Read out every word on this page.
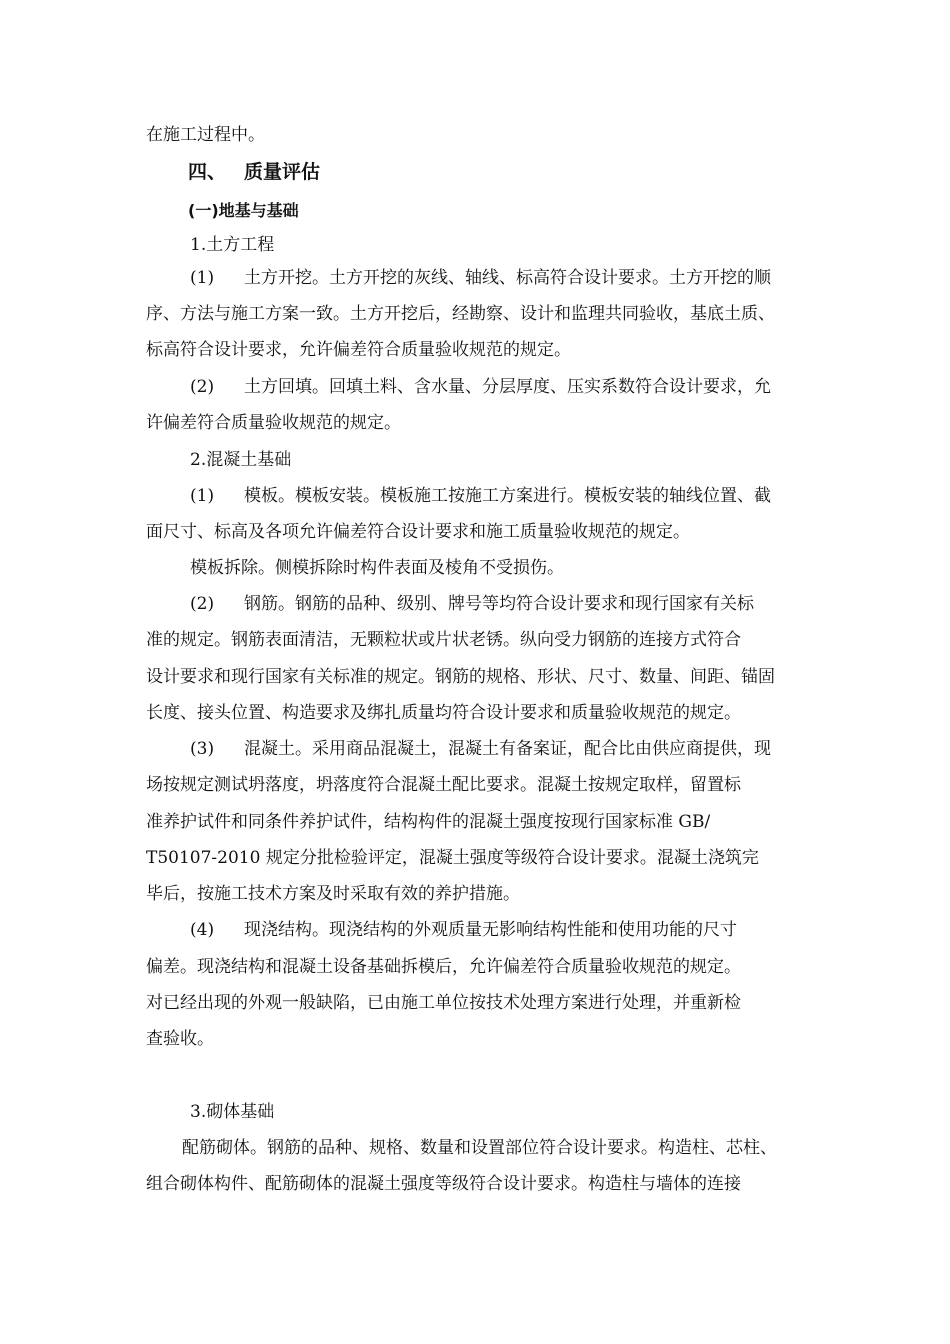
在施工过程中。
四、 质量评估
(一)地基与基础
1.土方工程
(1) 土方开挖。土方开挖的灰线、轴线、标高符合设计要求。土方开挖的顺
序、方法与施工方案一致。土方开挖后，经勘察、设计和监理共同验收，基底土质、
标高符合设计要求，允许偏差符合质量验收规范的规定。
(2) 土方回填。回填土料、含水量、分层厚度、压实系数符合设计要求，允
许偏差符合质量验收规范的规定。
2.混凝土基础
(1) 模板。模板安装。模板施工按施工方案进行。模板安装的轴线位置、截
面尺寸、标高及各项允许偏差符合设计要求和施工质量验收规范的规定。
模板拆除。侧模拆除时构件表面及棱角不受损伤。
(2) 钢筋。钢筋的品种、级别、牌号等均符合设计要求和现行国家有关标
准的规定。钢筋表面清洁，无颗粒状或片状老锈。纵向受力钢筋的连接方式符合
设计要求和现行国家有关标准的规定。钢筋的规格、形状、尺寸、数量、间距、锚固
长度、接头位置、构造要求及绑扎质量均符合设计要求和质量验收规范的规定。
(3) 混凝土。采用商品混凝土，混凝土有备案证，配合比由供应商提供，现
场按规定测试坍落度，坍落度符合混凝土配比要求。混凝土按规定取样，留置标
准养护试件和同条件养护试件，结构构件的混凝土强度按现行国家标准 GB/
T50107-2010 规定分批检验评定，混凝土强度等级符合设计要求。混凝土浇筑完
毕后，按施工技术方案及时采取有效的养护措施。
(4) 现浇结构。现浇结构的外观质量无影响结构性能和使用功能的尺寸
偏差。现浇结构和混凝土设备基础拆模后，允许偏差符合质量验收规范的规定。
对已经出现的外观一般缺陷，已由施工单位按技术处理方案进行处理，并重新检
查验收。
3.砌体基础
配筋砌体。钢筋的品种、规格、数量和设置部位符合设计要求。构造柱、芯柱、
组合砌体构件、配筋砌体的混凝土强度等级符合设计要求。构造柱与墙体的连接
